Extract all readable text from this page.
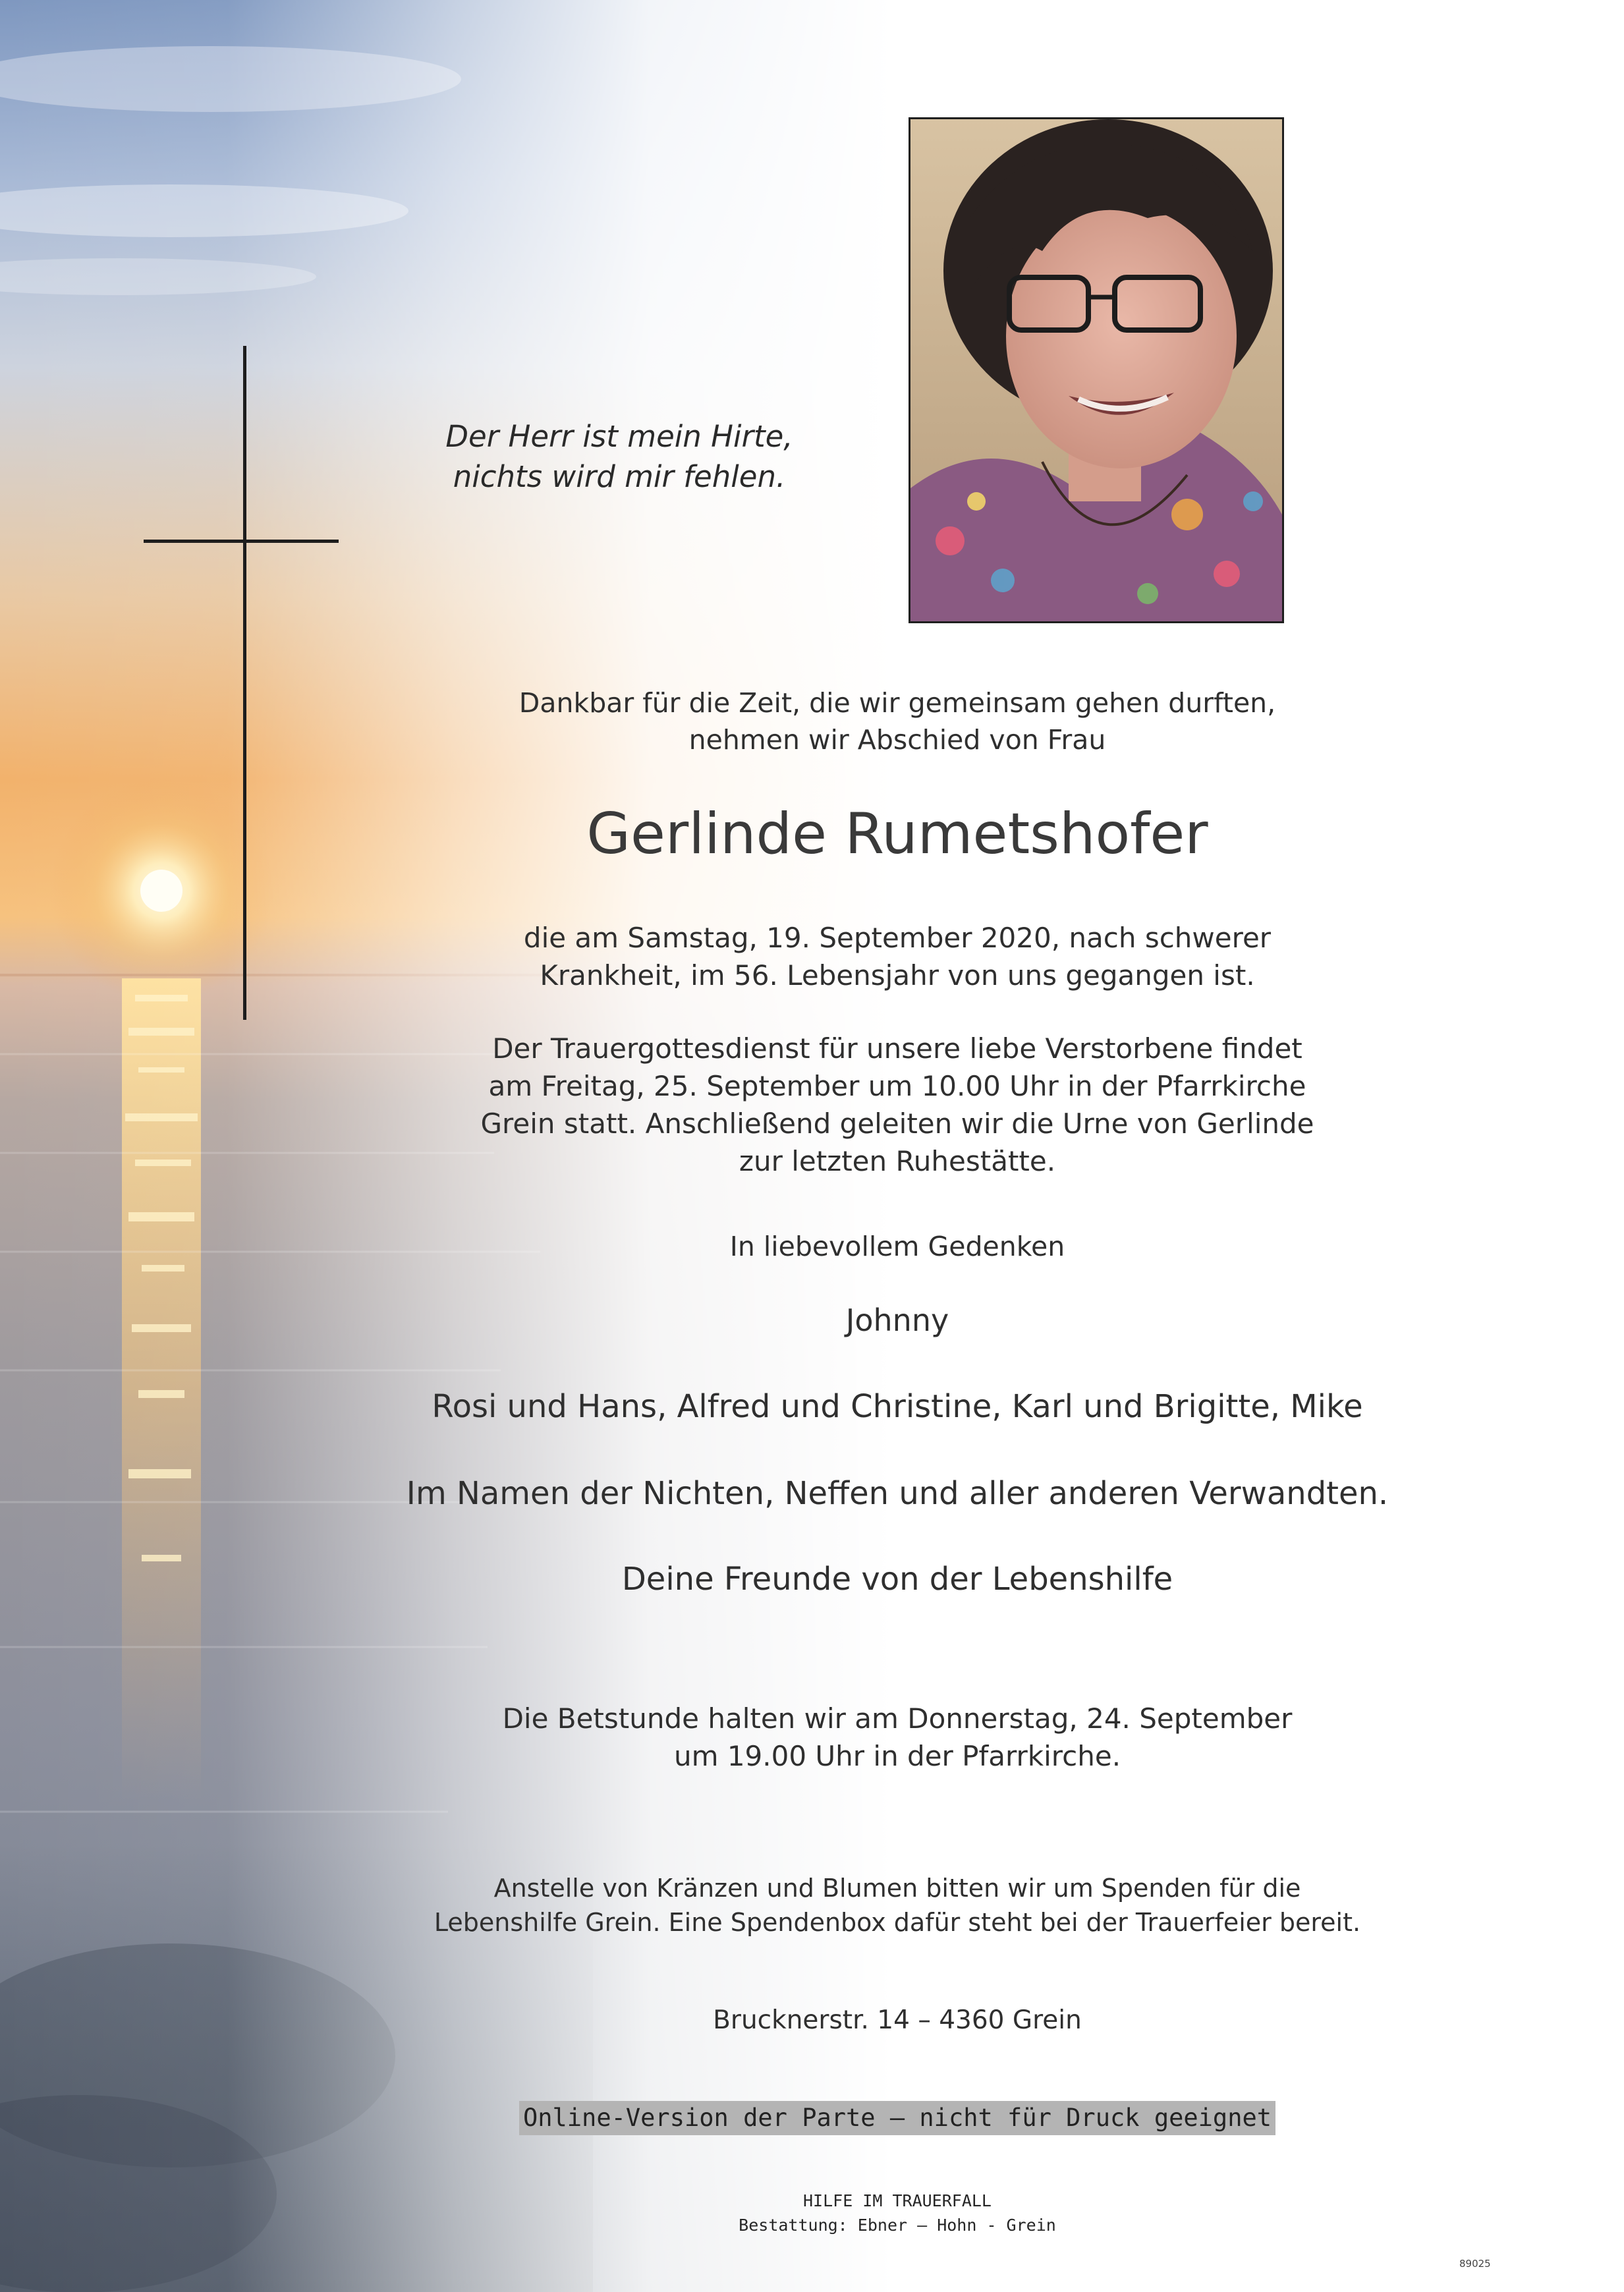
Der Herr ist mein Hirte,
nichts wird mir fehlen.
Dankbar für die Zeit, die wir gemeinsam gehen durften,
nehmen wir Abschied von Frau
Gerlinde Rumetshofer
die am Samstag, 19. September 2020, nach schwerer
Krankheit, im 56. Lebensjahr von uns gegangen ist.
Der Trauergottesdienst für unsere liebe Verstorbene findet
am Freitag, 25. September um 10.00 Uhr in der Pfarrkirche
Grein statt. Anschließend geleiten wir die Urne von Gerlinde
zur letzten Ruhestätte.
In liebevollem Gedenken
Johnny
Rosi und Hans, Alfred und Christine, Karl und Brigitte, Mike
Im Namen der Nichten, Neffen und aller anderen Verwandten.
Deine Freunde von der Lebenshilfe
Die Betstunde halten wir am Donnerstag, 24. September
um 19.00 Uhr in der Pfarrkirche.
Anstelle von Kränzen und Blumen bitten wir um Spenden für die
Lebenshilfe Grein. Eine Spendenbox dafür steht bei der Trauerfeier bereit.
Brucknerstr. 14 – 4360 Grein
Online-Version der Parte – nicht für Druck geeignet
HILFE IM TRAUERFALL
Bestattung: Ebner – Hohn - Grein
89025
